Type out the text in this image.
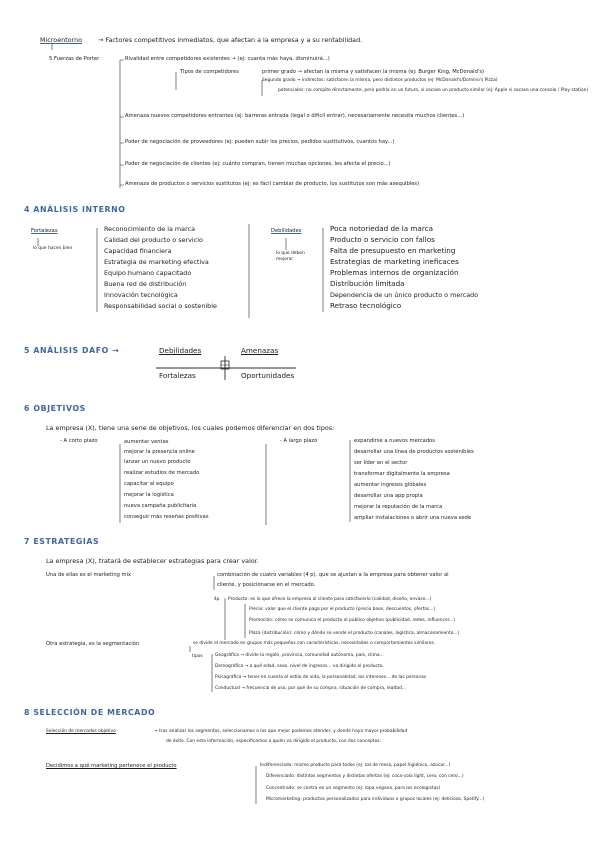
Microentorno → Factores competitivos inmediatos, que afectan a la empresa y a su rentabilidad.
5 Fuerzas de Porter	Rivalidad entre competidores existentes → (ej: cuanta más haya, disminuirá...)
Tipos de competidores	primer grado → afectan la misma y satisfacen la misma (ej: Burger King, McDonald's)
Segundo grado → indirectos: satisfacen la misma, pero distintos productos (ej: McDonald's/Domino's Pizza)
potenciales: no compite directamente, pero podría en un futuro, si sacase un producto similar (ej: Apple si sacase una consola / Play station)
Amenaza nuevos competidores entrantes (ej: barreras entrada (legal o difícil entrar), necesariamente necesita muchos clientes...)
Poder de negociación de proveedores (ej: pueden subir los precios, pedidos sustitutivos, cuantos hay...)
Poder de negociación de clientes (ej: cuánto compran, tienen muchas opciones, les afecta el precio...)
Amenaza de productos o servicios sustitutos (ej: es fácil cambiar de producto, los sustitutos son más asequibles)
4 ANÁLISIS INTERNO
Fortalezas
lo que hacen bien
Reconocimiento de la marca
Calidad del producto o servicio
Capacidad financiera
Estrategia de marketing efectiva
Equipo humano capacitado
Buena red de distribución
Innovación tecnológica
Responsabilidad social o sostenible
Debilidades
lo que deben mejorar
Poca notoriedad de la marca
Producto o servicio con fallos
Falta de presupuesto en marketing
Estrategias de marketing ineficaces
Problemas internos de organización
Distribución limitada
Dependencia de un único producto o mercado
Retraso tecnológico
5 ANÁLISIS DAFO →	Debilidades	Amenazas
Fortalezas	Oportunidades
6 OBJETIVOS
La empresa (X), tiene una serie de objetivos, los cuales podemos diferenciar en dos tipos:
- A corto plazo	aumentar ventas
mejorar la presencia online
lanzar un nuevo producto
realizar estudios de mercado
capacitar al equipo
mejorar la logística
nueva campaña publicitaria
conseguir más reseñas positivas
- A largo plazo	expandirse a nuevos mercados
desarrollar una línea de productos sostenibles
ser líder en el sector
transformar digitalmente la empresa
aumentar ingresos globales
desarrollar una app propia
mejorar la reputación de la marca
ampliar instalaciones o abrir una nueva sede
7 ESTRATEGIAS
La empresa (X), tratará de establecer estrategias para crear valor.
Una de ellas es el marketing mix	combinación de cuatro variables (4 p), que se ajustan a la empresa para obtener valor al
cliente, y posicionarse en el mercado.
4p Producto: es lo que ofrece la empresa al cliente para satisfacerlo (calidad, diseño, envase...)
Precio: valor que el cliente paga por el producto (precio base, descuentos, ofertas...)
Promoción: cómo se comunica el producto al público objetivo (publicidad, redes, influencer...)
Plaza (distribución): cómo y dónde se vende el producto (canales, logística, almacenamiento...)
Otra estrategia, es la segmentación	se divide el mercado en grupos más pequeños con características, necesidades o comportamientos similares.
tipos	Geográfica → divide la región, provincia, comunidad autónoma, país, clima...
Demográfica → a qué edad, sexo, nivel de ingresos... va dirigido el producto.
Psicográfica → tener en cuenta el estilo de vida, la personalidad, los intereses... de las personas
Conductual → frecuencia de uso, por qué de su compra, situación de compra, lealtad...
8 SELECCIÓN DE MERCADO
Selección de mercados objetivo	→ tras analizar los segmentos, seleccionamos a los que mejor podemos atender, y donde haya mayor probabilidad
de éxito. Con esta información, especificamos a quién va dirigido el producto, con dos conceptos.
Decidimos a qué marketing pertenece el producto	Indiferenciado: mismo producto para todos (ej: sal de mesa, papel higiénico, azúcar...)
Diferenciado: distintos segmentos y distintas ofertas (ej: coca-cola light, cero, con cero...)
Concentrado: se centra en un segmento (ej: ropa vegana, para los ecologistas)
Micromarketing: productos personalizados para individuos o grupos locales (ej: deliciosa, Spotify...)
